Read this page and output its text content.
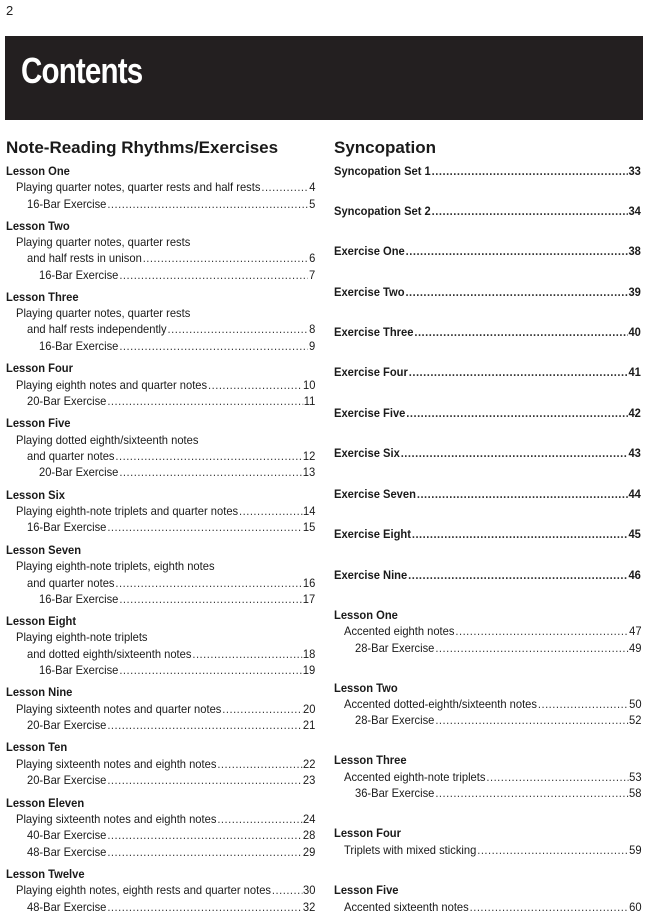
2
Contents
Note-Reading Rhythms/Exercises
Lesson One
Playing quarter notes, quarter rests and half rests . . .	4
16-Bar Exercise . . .	5
Lesson Two
Playing quarter notes, quarter rests
and half rests in unison . . .	6
16-Bar Exercise . . .	7
Lesson Three
Playing quarter notes, quarter rests
and half rests independently . . .	8
16-Bar Exercise . . .	9
Lesson Four
Playing eighth notes and quarter notes . . .	10
20-Bar Exercise . . .	11
Lesson Five
Playing dotted eighth/sixteenth notes
and quarter notes . . .	12
20-Bar Exercise . . .	13
Lesson Six
Playing eighth-note triplets and quarter notes . . .	14
16-Bar Exercise . . .	15
Lesson Seven
Playing eighth-note triplets, eighth notes
and quarter notes . . .	16
16-Bar Exercise . . .	17
Lesson Eight
Playing eighth-note triplets
and dotted eighth/sixteenth notes . . .	18
16-Bar Exercise . . .	19
Lesson Nine
Playing sixteenth notes and quarter notes . . .	20
20-Bar Exercise . . .	21
Lesson Ten
Playing sixteenth notes and eighth notes . . .	22
20-Bar Exercise . . .	23
Lesson Eleven
Playing sixteenth notes and eighth notes . . .	24
40-Bar Exercise . . .	28
48-Bar Exercise . . .	29
Lesson Twelve
Playing eighth notes, eighth rests and quarter notes . . .	30
48-Bar Exercise . . .	32
Syncopation
Syncopation Set 1 . . .	33
Syncopation Set 2 . . .	34
Exercise One . . .	38
Exercise Two . . .	39
Exercise Three . . .	40
Exercise Four . . .	41
Exercise Five . . .	42
Exercise Six . . .	43
Exercise Seven . . .	44
Exercise Eight . . .	45
Exercise Nine . . .	46
Lesson One
Accented eighth notes . . .	47
28-Bar Exercise . . .	49
Lesson Two
Accented dotted-eighth/sixteenth notes . . .	50
28-Bar Exercise . . .	52
Lesson Three
Accented eighth-note triplets . . .	53
36-Bar Exercise . . .	58
Lesson Four
Triplets with mixed sticking . . .	59
Lesson Five
Accented sixteenth notes . . .	60
